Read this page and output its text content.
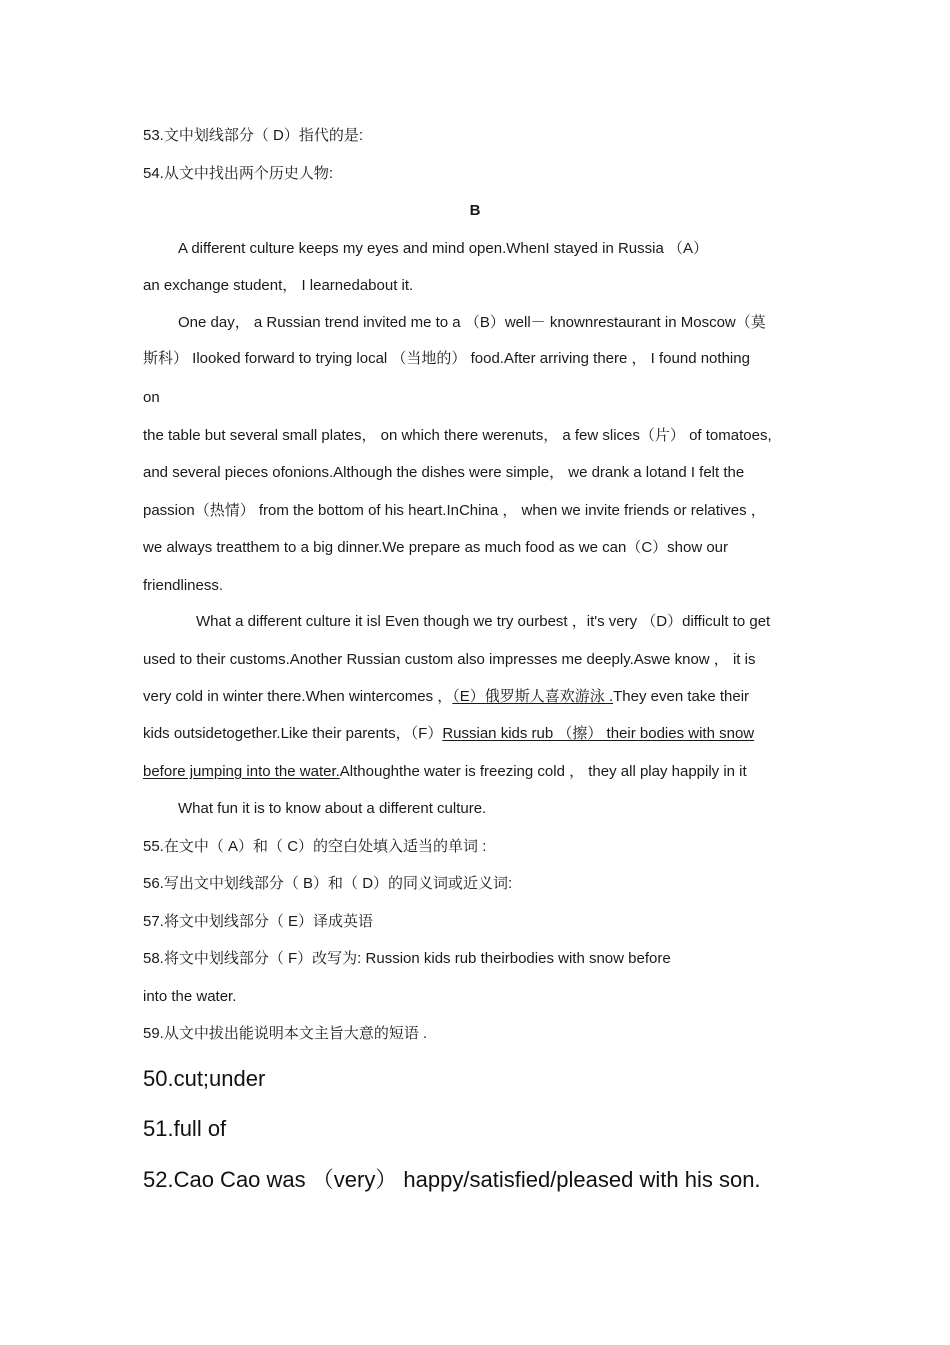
53.文中划线部分（ D）指代的是:
54.从文中找出两个历史人物:
B
A different culture keeps my eyes and mind open.WhenI stayed in Russia （A）
an exchange student， I learnedabout it.
One day， a Russian trend invited me to a （B）well－ knownrestaurant in Moscow（莫
斯科） Ilooked forward to trying local （当地的） food.After arriving there ， I found nothing
on
the table but several small plates， on which there werenuts， a few slices（片） of tomatoes,
and several pieces ofonions.Although the dishes were simple， we drank a lotand I felt the
passion（热情） from the bottom of his heart.InChina ， when we invite friends or relatives ，
we always treatthem to a big dinner.We prepare as much food as we can（C）show our
friendliness.
What a different culture it isl Even though we try ourbest ，it's very （D）difficult to get
used to their customs.Another Russian custom also impresses me deeply.Aswe know ， it is
very cold in winter there.When wintercomes ，（E）俄罗斯人喜欢游泳 .They even take their
kids outsidetogether.Like their parents，（F）Russian kids rub （擦） their bodies with snow
before jumping into the water.Althoughthe water is freezing cold ， they all play happily in it
What fun it is to know about a different culture.
55.在文中（ A）和（ C）的空白处填入适当的单词 :
56.写出文中划线部分（ B）和（ D）的同义词或近义词:
57.将文中划线部分（ E）译成英语
58.将文中划线部分（ F）改写为: Russion kids rub theirbodies with snow before
into the water.
59.从文中拔出能说明本文主旨大意的短语 .
50.cut;under
51.full of
52.Cao Cao was （very） happy/satisfied/pleased with his son.
